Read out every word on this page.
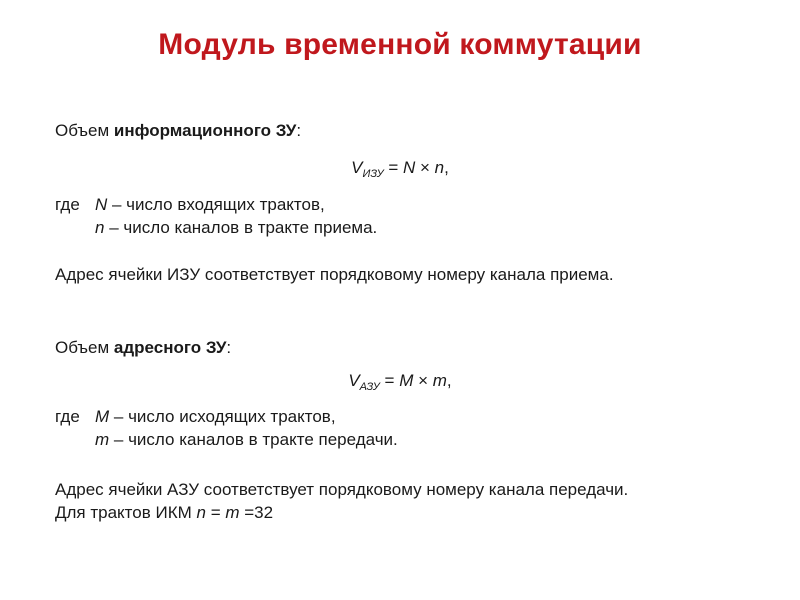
Модуль временной коммутации
Объем информационного ЗУ:
$V_{ИЗУ} = N \times n$,
где N – число входящих трактов,
n – число каналов в тракте приема.
Адрес ячейки ИЗУ соответствует порядковому номеру канала приема.
Объем адресного ЗУ:
$V_{АЗУ} = M \times m$,
где M – число исходящих трактов,
m – число каналов в тракте передачи.
Адрес ячейки АЗУ соответствует порядковому номеру канала передачи.
Для трактов ИКМ n = m =32
